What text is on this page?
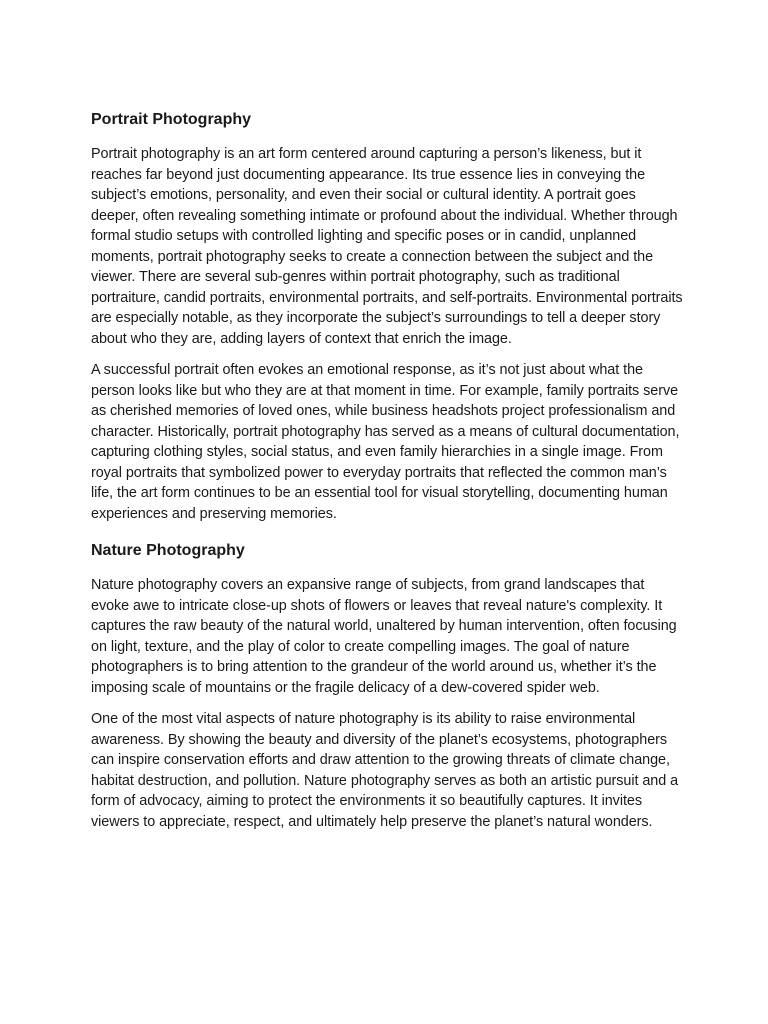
Portrait Photography

Portrait photography is an art form centered around capturing a person’s likeness, but it reaches far beyond just documenting appearance. Its true essence lies in conveying the subject’s emotions, personality, and even their social or cultural identity. A portrait goes deeper, often revealing something intimate or profound about the individual. Whether through formal studio setups with controlled lighting and specific poses or in candid, unplanned moments, portrait photography seeks to create a connection between the subject and the viewer. There are several sub-genres within portrait photography, such as traditional portraiture, candid portraits, environmental portraits, and self-portraits. Environmental portraits are especially notable, as they incorporate the subject’s surroundings to tell a deeper story about who they are, adding layers of context that enrich the image.

A successful portrait often evokes an emotional response, as it’s not just about what the person looks like but who they are at that moment in time. For example, family portraits serve as cherished memories of loved ones, while business headshots project professionalism and character. Historically, portrait photography has served as a means of cultural documentation, capturing clothing styles, social status, and even family hierarchies in a single image. From royal portraits that symbolized power to everyday portraits that reflected the common man’s life, the art form continues to be an essential tool for visual storytelling, documenting human experiences and preserving memories.

Nature Photography

Nature photography covers an expansive range of subjects, from grand landscapes that evoke awe to intricate close-up shots of flowers or leaves that reveal nature's complexity. It captures the raw beauty of the natural world, unaltered by human intervention, often focusing on light, texture, and the play of color to create compelling images. The goal of nature photographers is to bring attention to the grandeur of the world around us, whether it’s the imposing scale of mountains or the fragile delicacy of a dew-covered spider web.

One of the most vital aspects of nature photography is its ability to raise environmental awareness. By showing the beauty and diversity of the planet’s ecosystems, photographers can inspire conservation efforts and draw attention to the growing threats of climate change, habitat destruction, and pollution. Nature photography serves as both an artistic pursuit and a form of advocacy, aiming to protect the environments it so beautifully captures. It invites viewers to appreciate, respect, and ultimately help preserve the planet’s natural wonders.
